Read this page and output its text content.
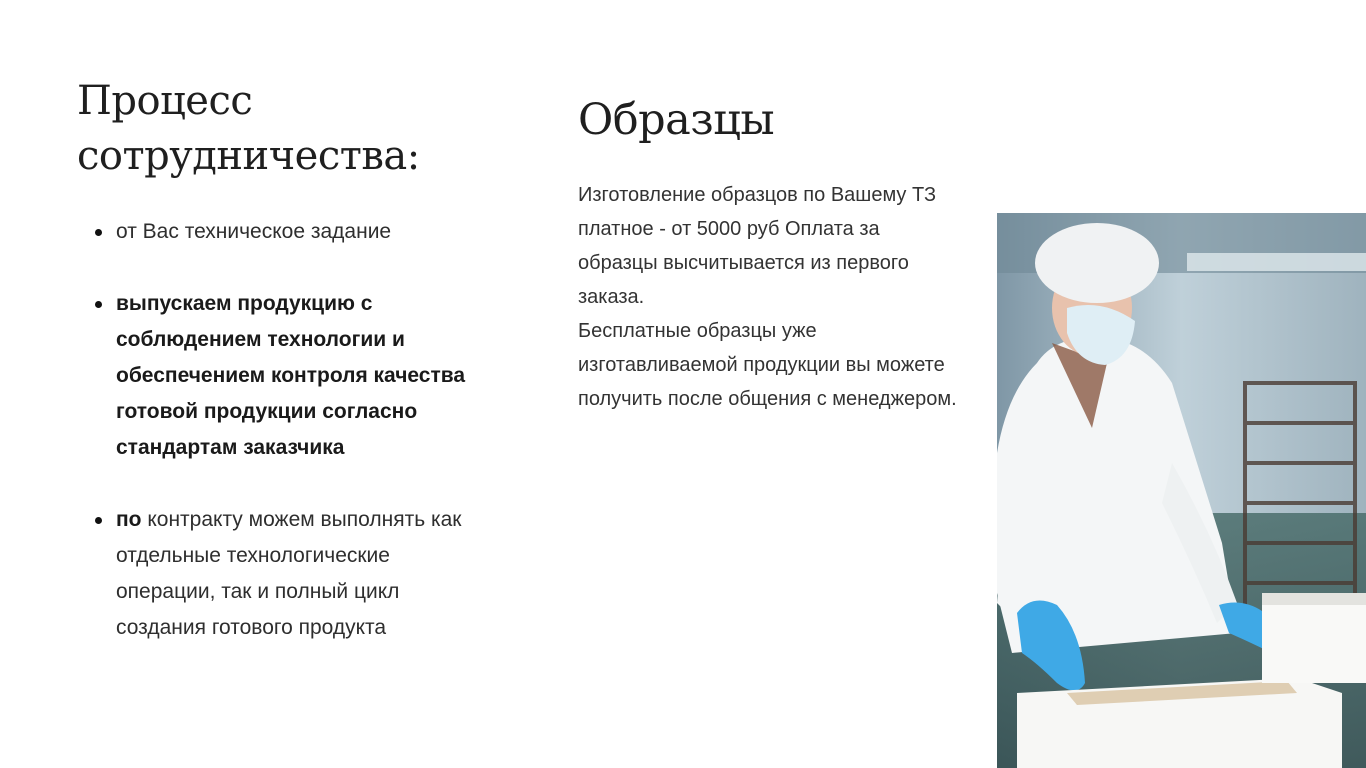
Процесс
сотрудничества:
от Вас техническое задание
выпускаем продукцию с соблюдением технологии и обеспечением контроля качества готовой продукции согласно стандартам заказчика
по контракту можем выполнять как отдельные технологические операции, так и полный цикл создания готового продукта
Образцы

Изготовление образцов по Вашему ТЗ платное - от 5000 руб Оплата за образцы высчитывается из первого заказа.

Бесплатные образцы уже изготавливаемой продукции вы можете получить после общения с менеджером.
